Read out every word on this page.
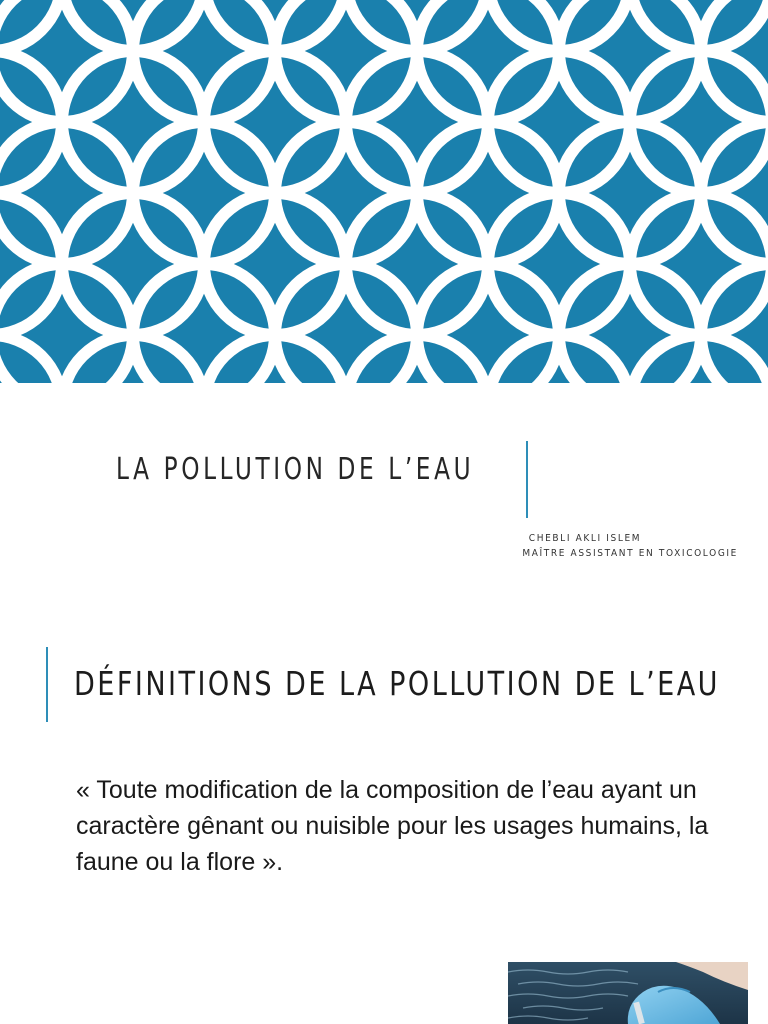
LA POLLUTION DE L’EAU
CHEBLI AKLI ISLEM
MAÎTRE ASSISTANT EN TOXICOLOGIE
DÉFINITIONS DE LA POLLUTION DE L’EAU
« Toute modification de la composition de l’eau ayant un caractère gênant ou nuisible pour les usages humains, la faune ou la flore ».
